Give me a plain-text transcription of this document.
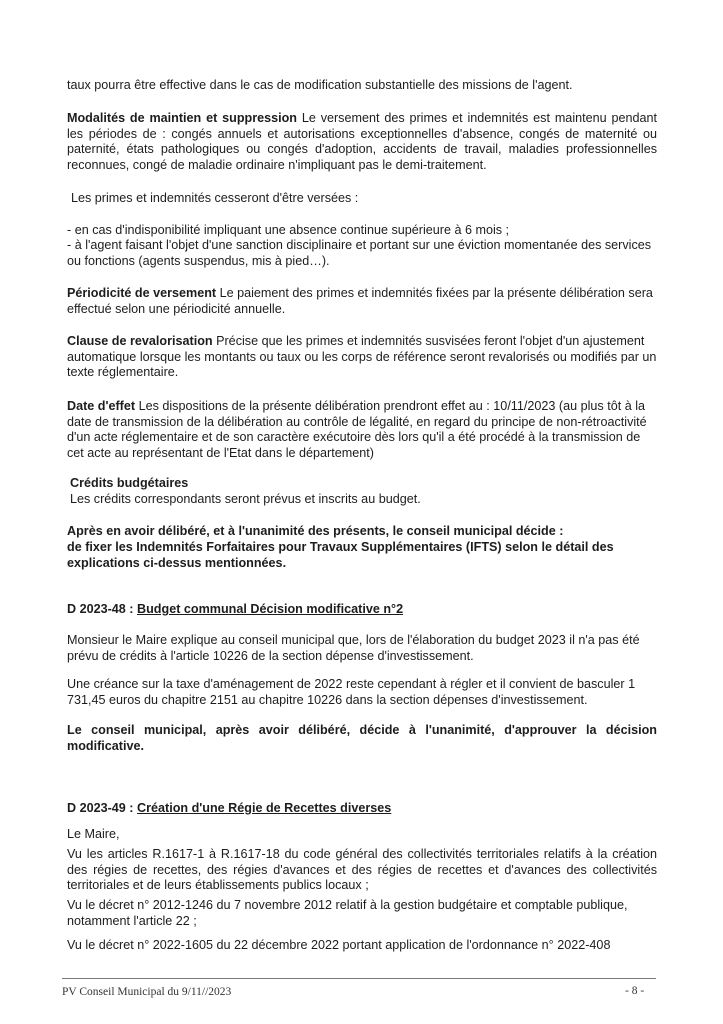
taux pourra être effective dans le cas de modification substantielle des missions de l'agent.

Modalités de maintien et suppression Le versement des primes et indemnités est maintenu pendant les périodes de : congés annuels et autorisations exceptionnelles d'absence, congés de maternité ou paternité, états pathologiques ou congés d'adoption, accidents de travail, maladies professionnelles reconnues, congé de maladie ordinaire n'impliquant pas le demi-traitement.

Les primes et indemnités cesseront d'être versées :

- en cas d'indisponibilité impliquant une absence continue supérieure à 6 mois ;

- à l'agent faisant l'objet d'une sanction disciplinaire et portant sur une éviction momentanée des services ou fonctions (agents suspendus, mis à pied…).

Périodicité de versement Le paiement des primes et indemnités fixées par la présente délibération sera effectué selon une périodicité annuelle.

Clause de revalorisation Précise que les primes et indemnités susvisées feront l'objet d'un ajustement automatique lorsque les montants ou taux ou les corps de référence seront revalorisés ou modifiés par un texte réglementaire.

Date d'effet Les dispositions de la présente délibération prendront effet au : 10/11/2023 (au plus tôt à la date de transmission de la délibération au contrôle de légalité, en regard du principe de non-rétroactivité d'un acte réglementaire et de son caractère exécutoire dès lors qu'il a été procédé à la transmission de cet acte au représentant de l'Etat dans le département)

Crédits budgétaires

Les crédits correspondants seront prévus et inscrits au budget.

Après en avoir délibéré, et à l'unanimité des présents, le conseil municipal décide :

de fixer les Indemnités Forfaitaires pour Travaux Supplémentaires (IFTS) selon le détail des explications ci-dessus mentionnées.

D 2023-48 : Budget communal Décision modificative n°2

Monsieur le Maire explique au conseil municipal que, lors de l'élaboration du budget 2023 il n'a pas été prévu de crédits à l'article 10226 de la section dépense d'investissement.

Une créance sur la taxe d'aménagement de 2022 reste cependant à régler et il convient de basculer 1 731,45 euros du chapitre 2151 au chapitre 10226 dans la section dépenses d'investissement.

Le conseil municipal, après avoir délibéré, décide à l'unanimité, d'approuver la décision modificative.

D 2023-49 : Création d'une Régie de Recettes diverses

Le Maire,

Vu les articles R.1617-1 à R.1617-18 du code général des collectivités territoriales relatifs à la création des régies de recettes, des régies d'avances et des régies de recettes et d'avances des collectivités territoriales et de leurs établissements publics locaux ;

Vu le décret n° 2012-1246 du 7 novembre 2012 relatif à la gestion budgétaire et comptable publique, notamment l'article 22 ;

Vu le décret n° 2022-1605 du 22 décembre 2022 portant application de l'ordonnance n° 2022-408

PV Conseil Municipal du 9/11//2023	- 8 -
